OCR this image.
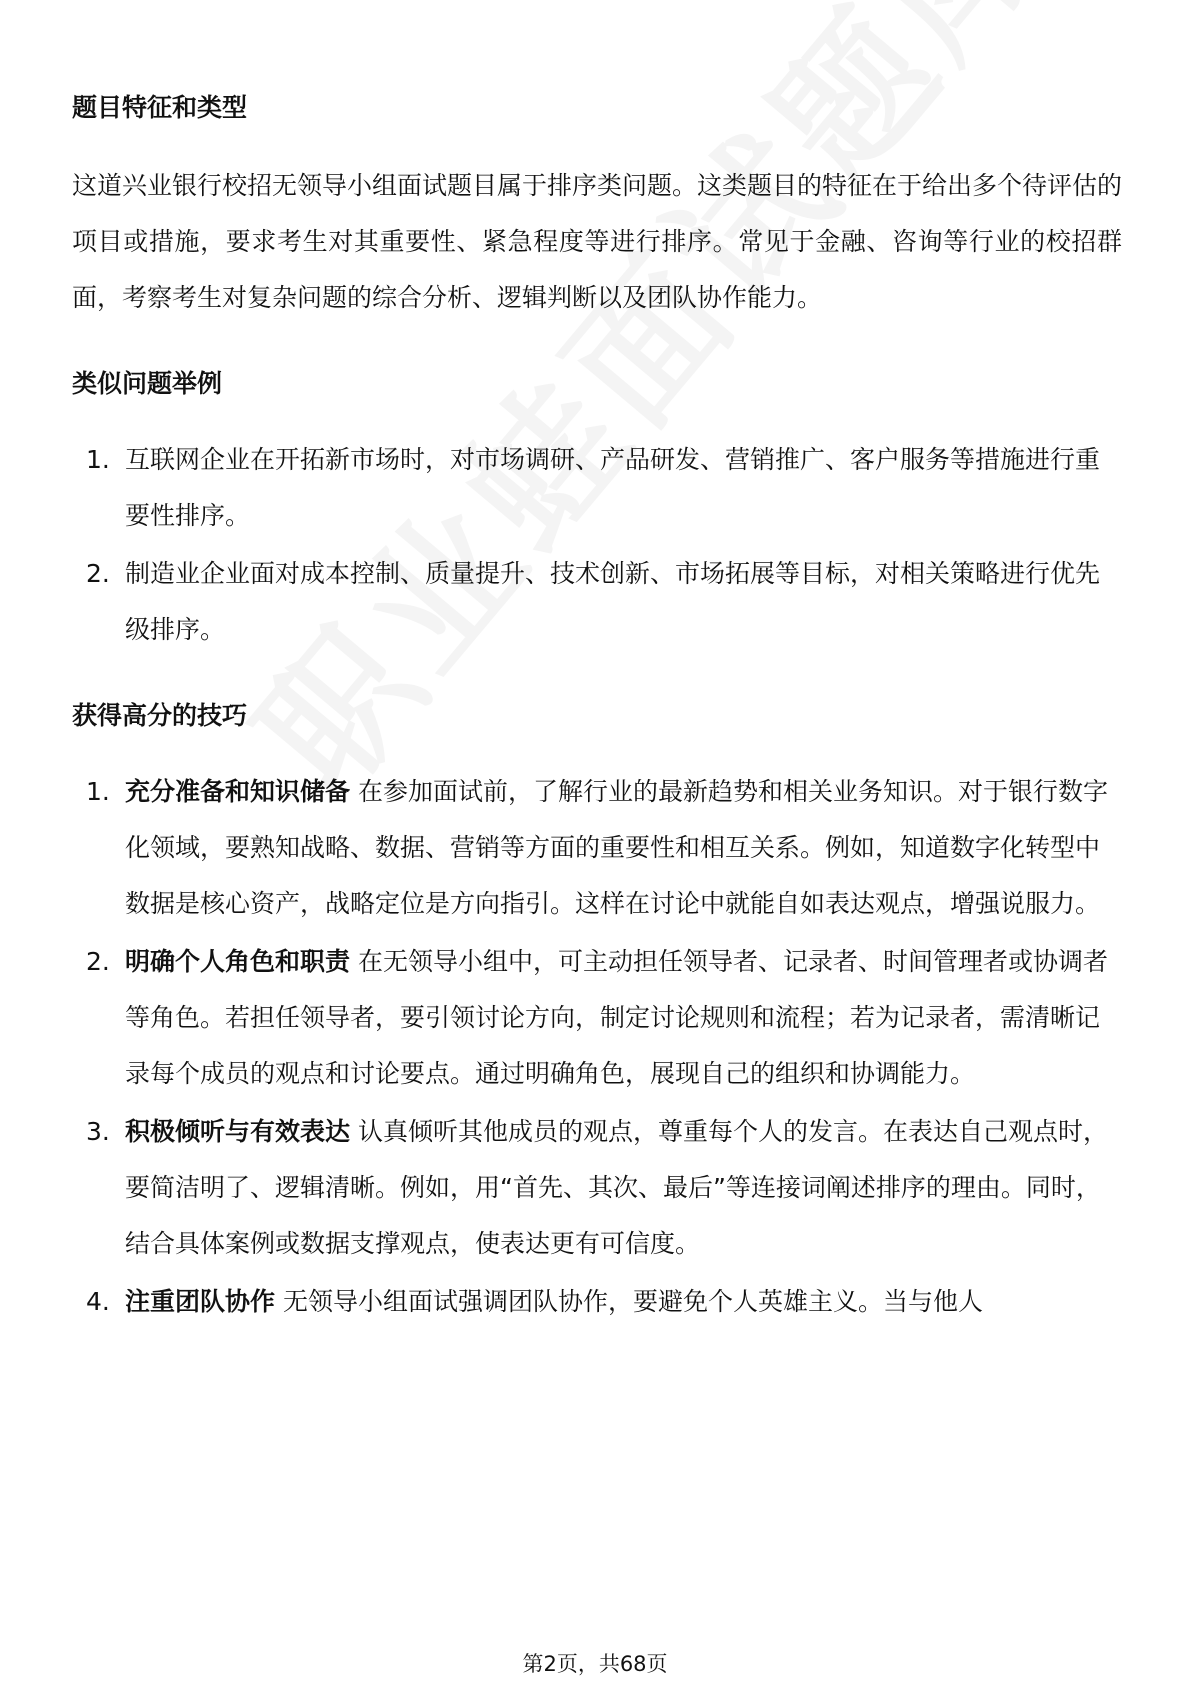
题目特征和类型

这道兴业银行校招无领导小组面试题目属于排序类问题。这类题目的特征在于给出多个待评估的项目或措施，要求考生对其重要性、紧急程度等进行排序。常见于金融、咨询等行业的校招群面，考察考生对复杂问题的综合分析、逻辑判断以及团队协作能力。

类似问题举例
1. 互联网企业在开拓新市场时，对市场调研、产品研发、营销推广、客户服务等措施进行重要性排序。
2. 制造业企业面对成本控制、质量提升、技术创新、市场拓展等目标，对相关策略进行优先级排序。
获得高分的技巧
1. 充分准备和知识储备 在参加面试前，了解行业的最新趋势和相关业务知识。对于银行数字化领域，要熟知战略、数据、营销等方面的重要性和相互关系。例如，知道数字化转型中数据是核心资产，战略定位是方向指引。这样在讨论中就能自如表达观点，增强说服力。
2. 明确个人角色和职责 在无领导小组中，可主动担任领导者、记录者、时间管理者或协调者等角色。若担任领导者，要引领讨论方向，制定讨论规则和流程；若为记录者，需清晰记录每个成员的观点和讨论要点。通过明确角色，展现自己的组织和协调能力。
3. 积极倾听与有效表达 认真倾听其他成员的观点，尊重每个人的发言。在表达自己观点时，要简洁明了、逻辑清晰。例如，用“首先、其次、最后”等连接词阐述排序的理由。同时，结合具体案例或数据支撑观点，使表达更有可信度。
4. 注重团队协作 无领导小组面试强调团队协作，要避免个人英雄主义。当与他人
第2页，共68页
